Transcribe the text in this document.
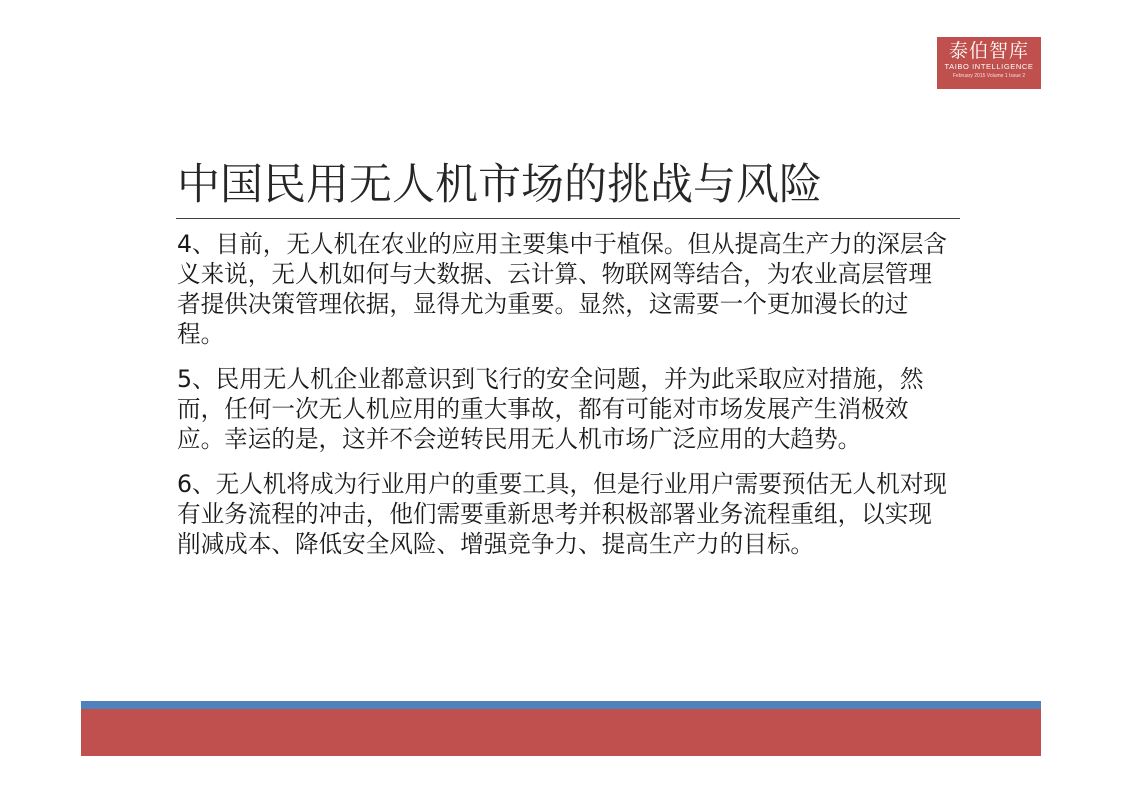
泰伯智库
TAIBO INTELLIGENCE
February 2015 Volume 1 Issue 2
中国民用无人机市场的挑战与风险

4、目前，无人机在农业的应用主要集中于植保。但从提高生产力的深层含义来说，无人机如何与大数据、云计算、物联网等结合，为农业高层管理者提供决策管理依据，显得尤为重要。显然，这需要一个更加漫长的过程。

5、民用无人机企业都意识到飞行的安全问题，并为此采取应对措施，然而，任何一次无人机应用的重大事故，都有可能对市场发展产生消极效应。幸运的是，这并不会逆转民用无人机市场广泛应用的大趋势。

6、无人机将成为行业用户的重要工具，但是行业用户需要预估无人机对现有业务流程的冲击，他们需要重新思考并积极部署业务流程重组，以实现削减成本、降低安全风险、增强竞争力、提高生产力的目标。
